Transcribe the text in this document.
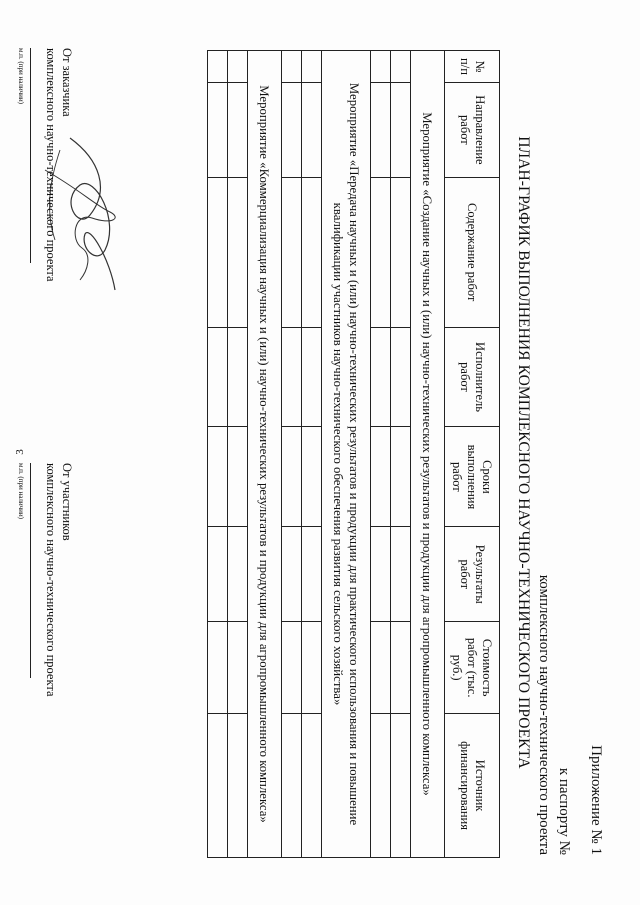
3
Приложение № 1
к паспорту №
комплексного научно-технического проекта
ПЛАН-ГРАФИК ВЫПОЛНЕНИЯ КОМПЛЕКСНОГО НАУЧНО-ТЕХНИЧЕСКОГО ПРОЕКТА
№ п/п	Направление работ	Содержание работ	Исполнитель работ	Сроки выполнения работ	Результаты работ	Стоимость работ (тыс. руб.)	Источник финансирования
Мероприятие «Создание научных и (или) научно-технических результатов и продукции для агропромышленного комплекса»							

Мероприятие «Передача научных и (или) научно-технических результатов и продукции для практического использования и повышение квалификации участников научно-технического обеспечения развития сельского хозяйства»							

Мероприятие «Коммерциализация научных и (или) научно-технических результатов и продукции для агропромышленного комплекса»							

От заказчика
комплексного научно-технического проекта
м.п. (при наличии)
От участников
комплексного научно-технического проекта
м.п. (при наличии)
